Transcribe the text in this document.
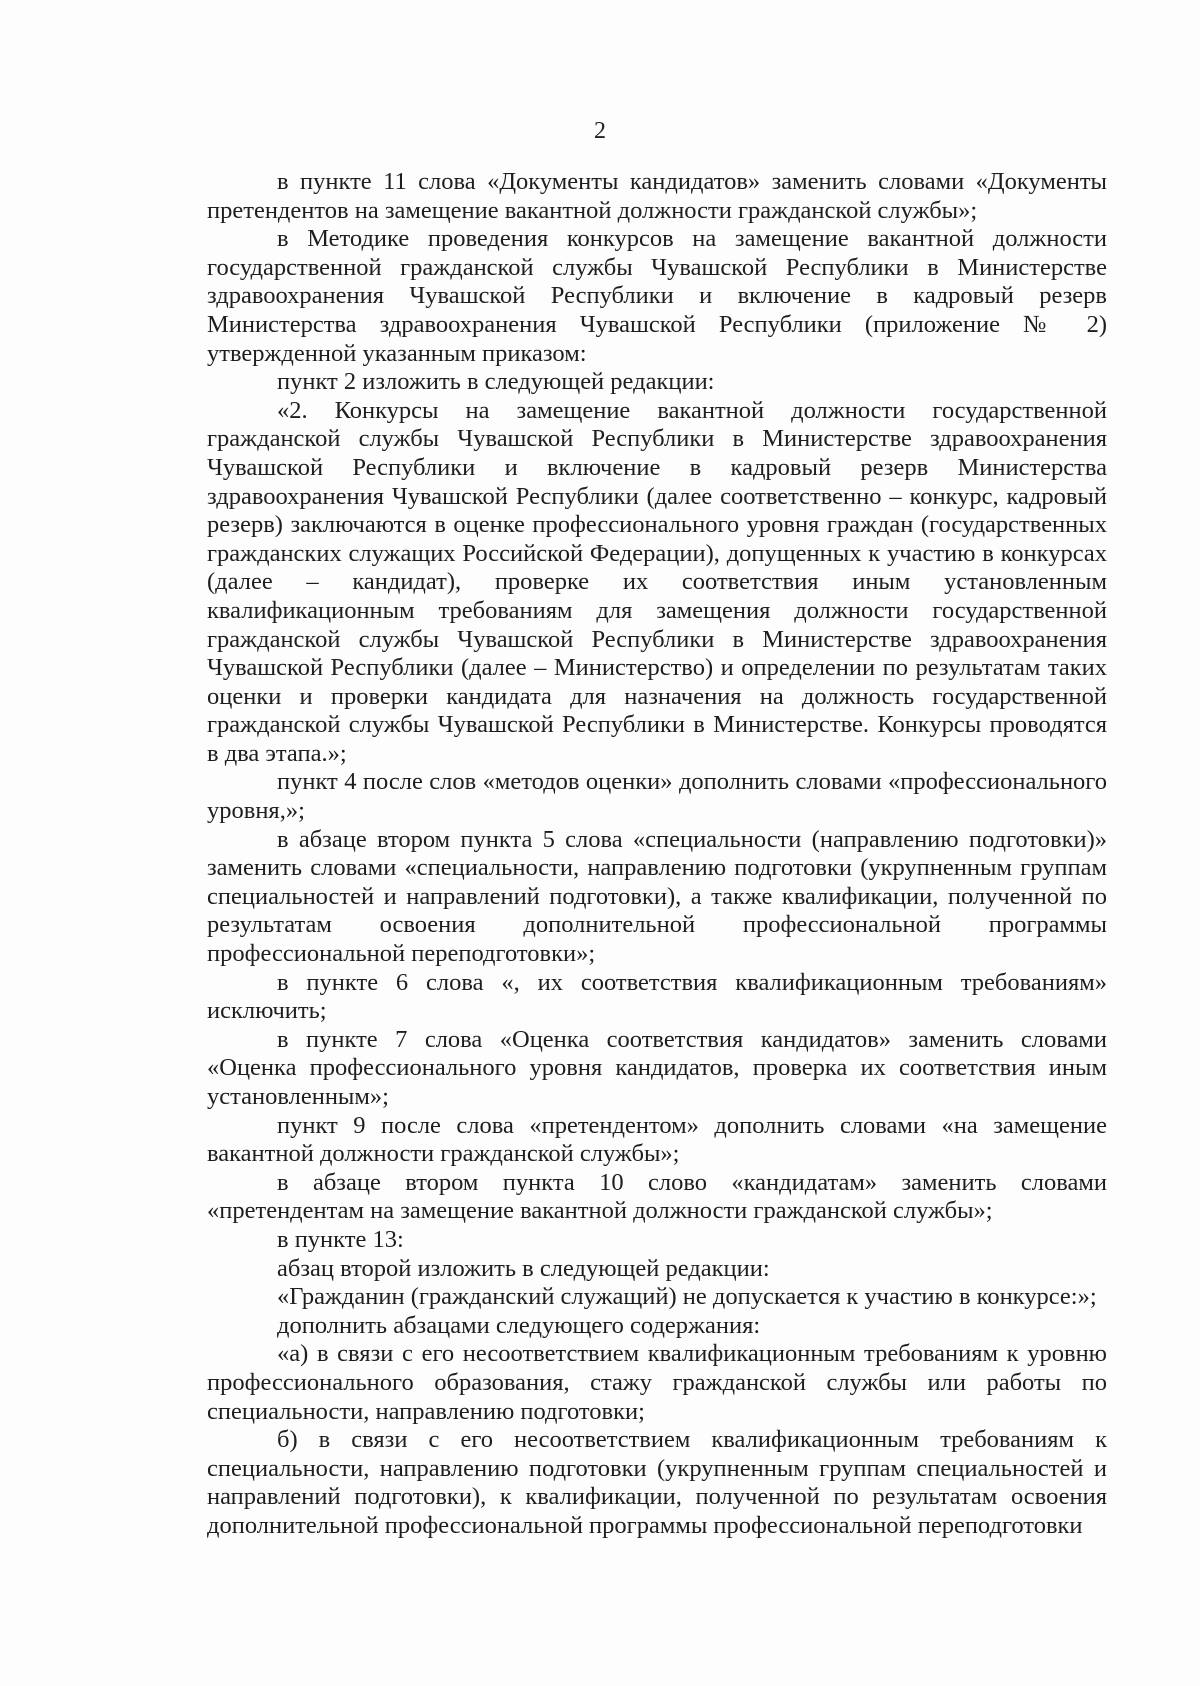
2

в пункте 11 слова «Документы кандидатов» заменить словами «Документы претендентов на замещение вакантной должности гражданской службы»;

в Методике проведения конкурсов на замещение вакантной должности государственной гражданской службы Чувашской Республики в Министерстве здравоохранения Чувашской Республики и включение в кадровый резерв Министерства здравоохранения Чувашской Республики (приложение № 2) утвержденной указанным приказом:

пункт 2 изложить в следующей редакции:

«2. Конкурсы на замещение вакантной должности государственной гражданской службы Чувашской Республики в Министерстве здравоохранения Чувашской Республики и включение в кадровый резерв Министерства здравоохранения Чувашской Республики (далее соответственно – конкурс, кадровый резерв) заключаются в оценке профессионального уровня граждан (государственных гражданских служащих Российской Федерации), допущенных к участию в конкурсах (далее – кандидат), проверке их соответствия иным установленным квалификационным требованиям для замещения должности государственной гражданской службы Чувашской Республики в Министерстве здравоохранения Чувашской Республики (далее – Министерство) и определении по результатам таких оценки и проверки кандидата для назначения на должность государственной гражданской службы Чувашской Республики в Министерстве. Конкурсы проводятся в два этапа.»;

пункт 4 после слов «методов оценки» дополнить словами «профессионального уровня,»;

в абзаце втором пункта 5 слова «специальности (направлению подготовки)» заменить словами «специальности, направлению подготовки (укрупненным группам специальностей и направлений подготовки), а также квалификации, полученной по результатам освоения дополнительной профессиональной программы профессиональной переподготовки»;

в пункте 6 слова «, их соответствия квалификационным требованиям» исключить;

в пункте 7 слова «Оценка соответствия кандидатов» заменить словами «Оценка профессионального уровня кандидатов, проверка их соответствия иным установленным»;

пункт 9 после слова «претендентом» дополнить словами «на замещение вакантной должности гражданской службы»;

в абзаце втором пункта 10 слово «кандидатам» заменить словами «претендентам на замещение вакантной должности гражданской службы»;

в пункте 13:

абзац второй изложить в следующей редакции:

«Гражданин (гражданский служащий) не допускается к участию в конкурсе:»;

дополнить абзацами следующего содержания:

«а) в связи с его несоответствием квалификационным требованиям к уровню профессионального образования, стажу гражданской службы или работы по специальности, направлению подготовки;

б) в связи с его несоответствием квалификационным требованиям к специальности, направлению подготовки (укрупненным группам специальностей и направлений подготовки), к квалификации, полученной по результатам освоения дополнительной профессиональной программы профессиональной переподготовки
